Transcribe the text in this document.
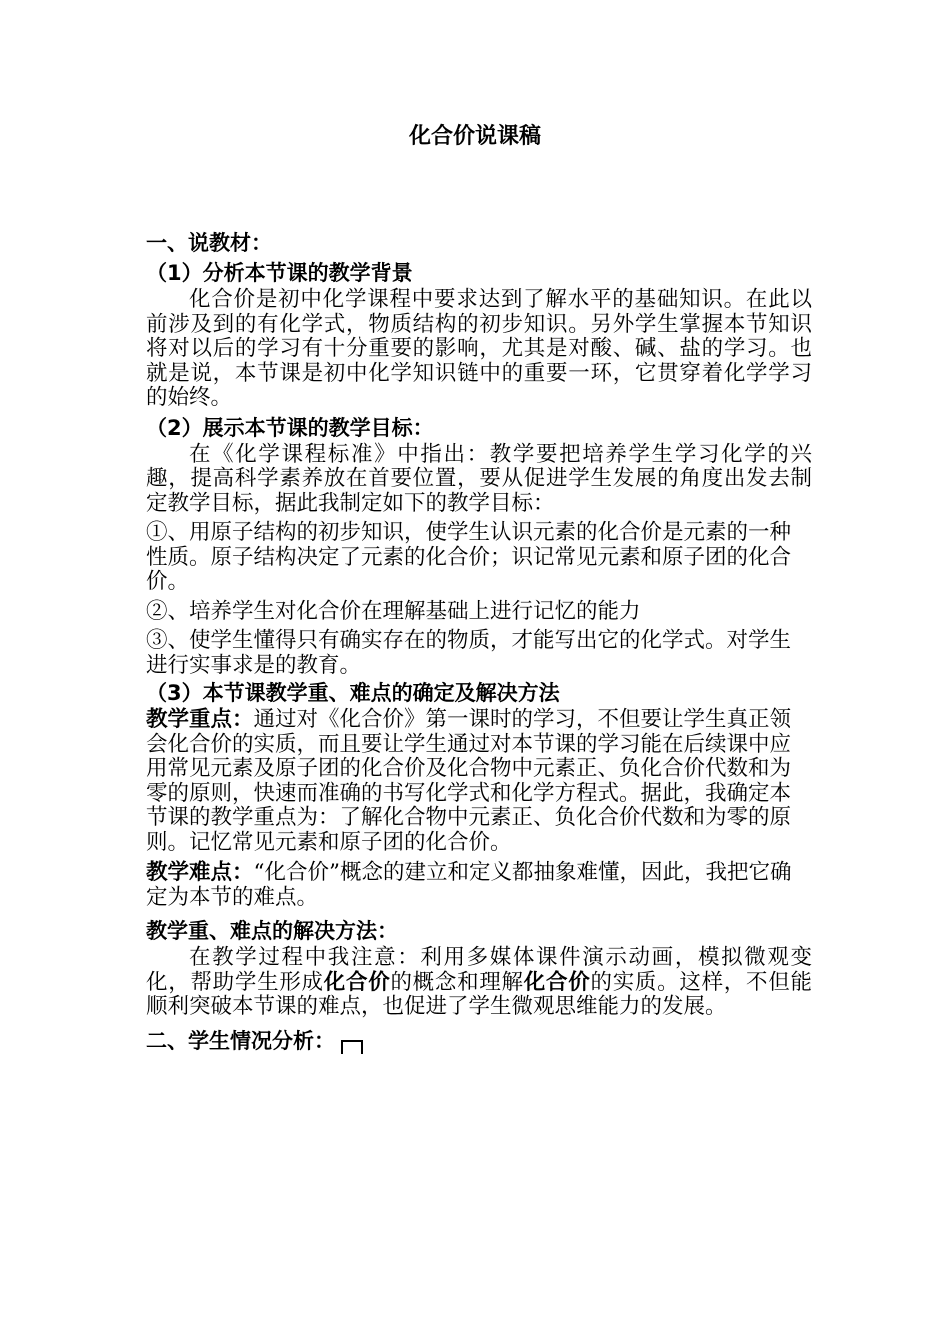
化合价说课稿

一、说教材：

（1）分析本节课的教学背景

化合价是初中化学课程中要求达到了解水平的基础知识。在此以前涉及到的有化学式，物质结构的初步知识。另外学生掌握本节知识将对以后的学习有十分重要的影响，尤其是对酸、碱、盐的学习。也就是说，本节课是初中化学知识链中的重要一环，它贯穿着化学学习的始终。

（2）展示本节课的教学目标：

在《化学课程标准》中指出：教学要把培养学生学习化学的兴趣，提高科学素养放在首要位置，要从促进学生发展的角度出发去制定教学目标，据此我制定如下的教学目标：

①、用原子结构的初步知识，使学生认识元素的化合价是元素的一种性质。原子结构决定了元素的化合价；识记常见元素和原子团的化合价。

②、培养学生对化合价在理解基础上进行记忆的能力

③、使学生懂得只有确实存在的物质，才能写出它的化学式。对学生进行实事求是的教育。

（3）本节课教学重、难点的确定及解决方法

教学重点：通过对《化合价》第一课时的学习，不但要让学生真正领会化合价的实质，而且要让学生通过对本节课的学习能在后续课中应用常见元素及原子团的化合价及化合物中元素正、负化合价代数和为零的原则，快速而准确的书写化学式和化学方程式。据此，我确定本节课的教学重点为：了解化合物中元素正、负化合价代数和为零的原则。记忆常见元素和原子团的化合价。

教学难点：“化合价”概念的建立和定义都抽象难懂，因此，我把它确定为本节的难点。

教学重、难点的解决方法：

在教学过程中我注意：利用多媒体课件演示动画，模拟微观变化，帮助学生形成化合价的概念和理解化合价的实质。这样，不但能顺利突破本节课的难点，也促进了学生微观思维能力的发展。

二、学生情况分析：
